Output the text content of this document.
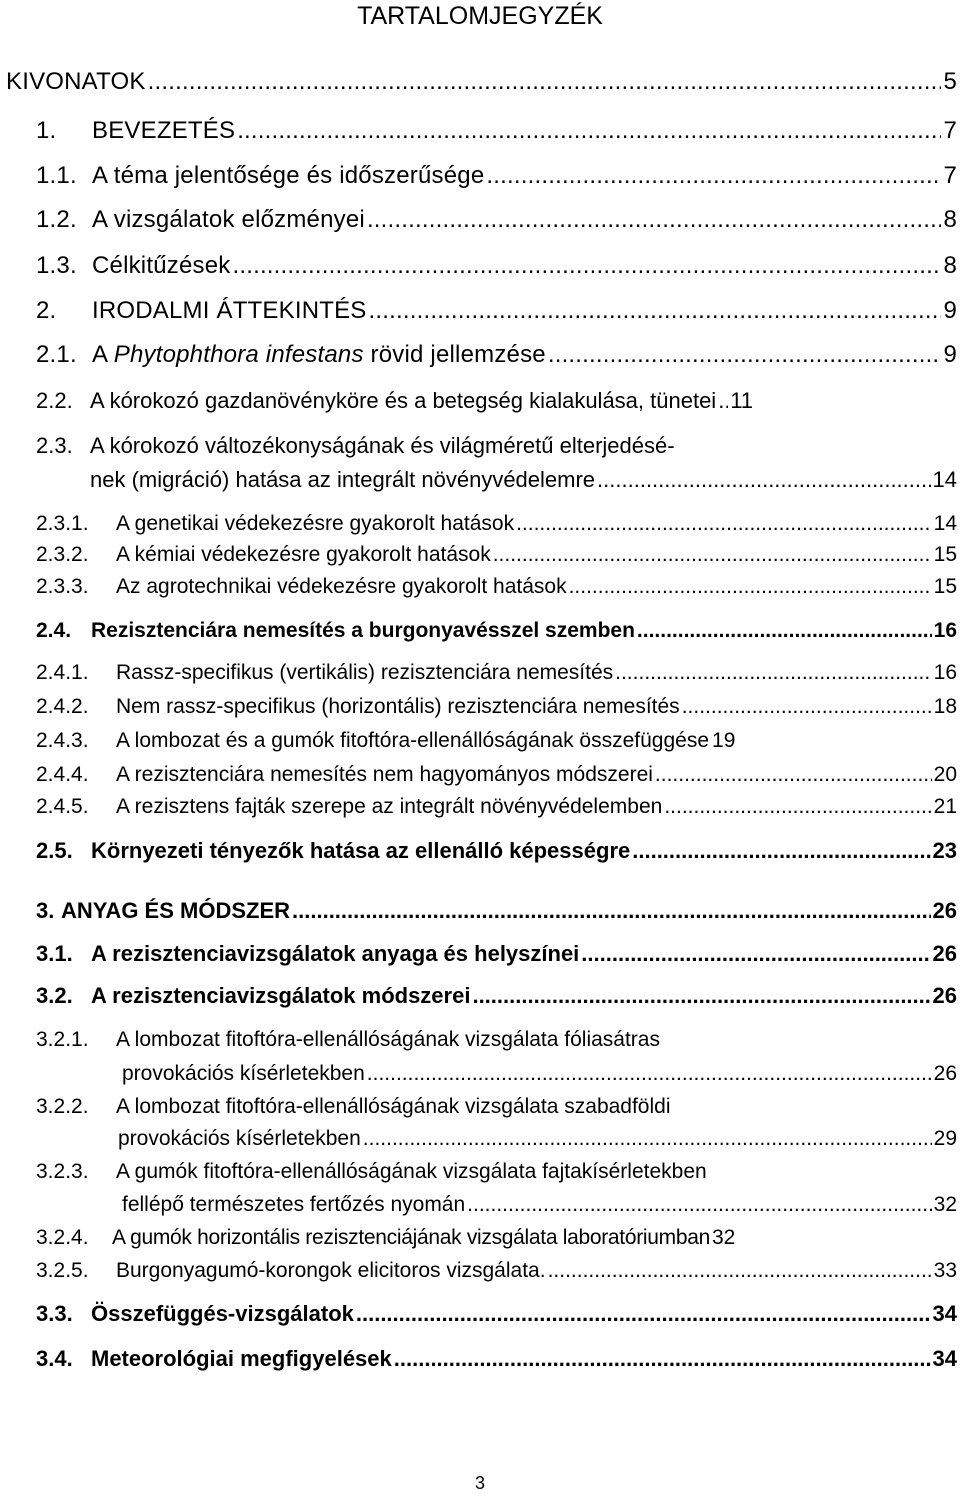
TARTALOMJEGYZÉK
KIVONATOK .....	5
1.	BEVEZETÉS .....	7
1.1. A téma jelentősége és időszerűsége .....	7
1.2. A vizsgálatok előzményei .....	8
1.3. Célkitűzések .....	8
2.	IRODALMI ÁTTEKINTÉS .....	9
2.1. A Phytophthora infestans rövid jellemzése .....	9
2.2. A kórokozó gazdanövényköre és a betegség kialakulása, tünetei ..... 11
2.3. A kórokozó változékonyságának és világméretű elterjedésé-
nek (migráció) hatása az integrált növényvédelemre .....	14
2.3.1.	A genetikai védekezésre gyakorolt hatások .....	14
2.3.2.	A kémiai védekezésre gyakorolt hatások .....	15
2.3.3.	Az agrotechnikai védekezésre gyakorolt hatások .....	15
2.4. Rezisztenciára nemesítés a burgonyavésszel szemben .....	16
2.4.1.	Rassz-specifikus (vertikális) rezisztenciára nemesítés .....	16
2.4.2.	Nem rassz-specifikus (horizontális) rezisztenciára nemesítés .....	18
2.4.3.	A lombozat és a gumók fitoftóra-ellenállóságának összefüggése 19
2.4.4.	A rezisztenciára nemesítés nem hagyományos módszerei .....	20
2.4.5.	A rezisztens fajták szerepe az integrált növényvédelemben .....	21
2.5. Környezeti tényezők hatása az ellenálló képességre .....	23
3. ANYAG ÉS MÓDSZER .....	26
3.1. A rezisztenciavizsgálatok anyaga és helyszínei .....	26
3.2. A rezisztenciavizsgálatok módszerei .....	26
3.2.1. A lombozat fitoftóra-ellenállóságának vizsgálata fóliasátras
provokációs kísérletekben .....	26
3.2.2. A lombozat fitoftóra-ellenállóságának vizsgálata szabadföldi
provokációs kísérletekben .....	29
3.2.3. A gumók fitoftóra-ellenállóságának vizsgálata fajtakísérletekben
fellépő természetes fertőzés nyomán .....	32
3.2.4.	A gumók horizontális rezisztenciájának vizsgálata laboratóriumban 32
3.2.5.	Burgonyagumó-korongok elicitoros vizsgálata. .....	33
3.3. Összefüggés-vizsgálatok .....	34
3.4. Meteorológiai megfigyelések .....	34
3
